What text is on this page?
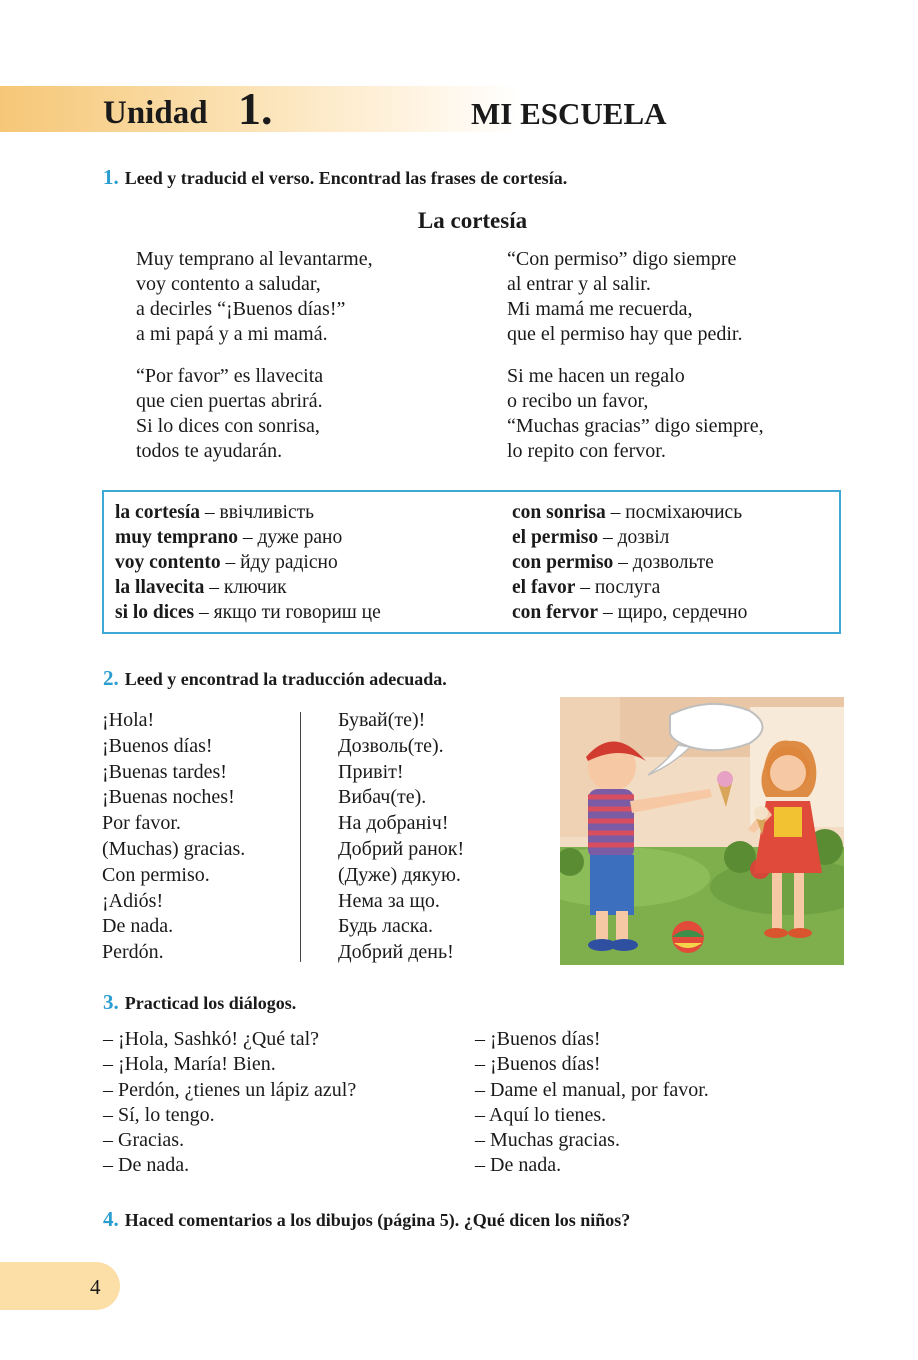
Unidad 1.	MI ESCUELA
1. Leed y traducid el verso. Encontrad las frases de cortesía.
La cortesía
Muy temprano al levantarme,
voy contento a saludar,
a decirles “¡Buenos días!”
a mi papá y a mi mamá.
“Por favor” es llavecita
que cien puertas abrirá.
Si lo dices con sonrisa,
todos te ayudarán.
“Con permiso” digo siempre
al entrar y al salir.
Mi mamá me recuerda,
que el permiso hay que pedir.
Si me hacen un regalo
o recibo un favor,
“Muchas gracias” digo siempre,
lo repito con fervor.
la cortesía – ввічливість
muy temprano – дуже рано
voy contento – йду радісно
la llavecita – ключик
si lo dices – якщо ти говориш це
con sonrisa – посміхаючись
el permiso – дозвіл
con permiso – дозвольте
el favor – послуга
con fervor – щиро, сердечно
2. Leed y encontrad la traducción adecuada.
¡Hola!
¡Buenos días!
¡Buenas tardes!
¡Buenas noches!
Por favor.
(Muchas) gracias.
Con permiso.
¡Adiós!
De nada.
Perdón.
Бувай(те)!
Дозволь(те).
Привіт!
Вибач(те).
На добраніч!
Добрий ранок!
(Дуже) дякую.
Нема за що.
Будь ласка.
Добрий день!
3. Practicad los diálogos.
– ¡Hola, Sashkó! ¿Qué tal?
– ¡Hola, María! Bien.
– Perdón, ¿tienes un lápiz azul?
– Sí, lo tengo.
– Gracias.
– De nada.
– ¡Buenos días!
– ¡Buenos días!
– Dame el manual, por favor.
– Aquí lo tienes.
– Muchas gracias.
– De nada.
4. Haced comentarios a los dibujos (página 5). ¿Qué dicen los niños?
4
